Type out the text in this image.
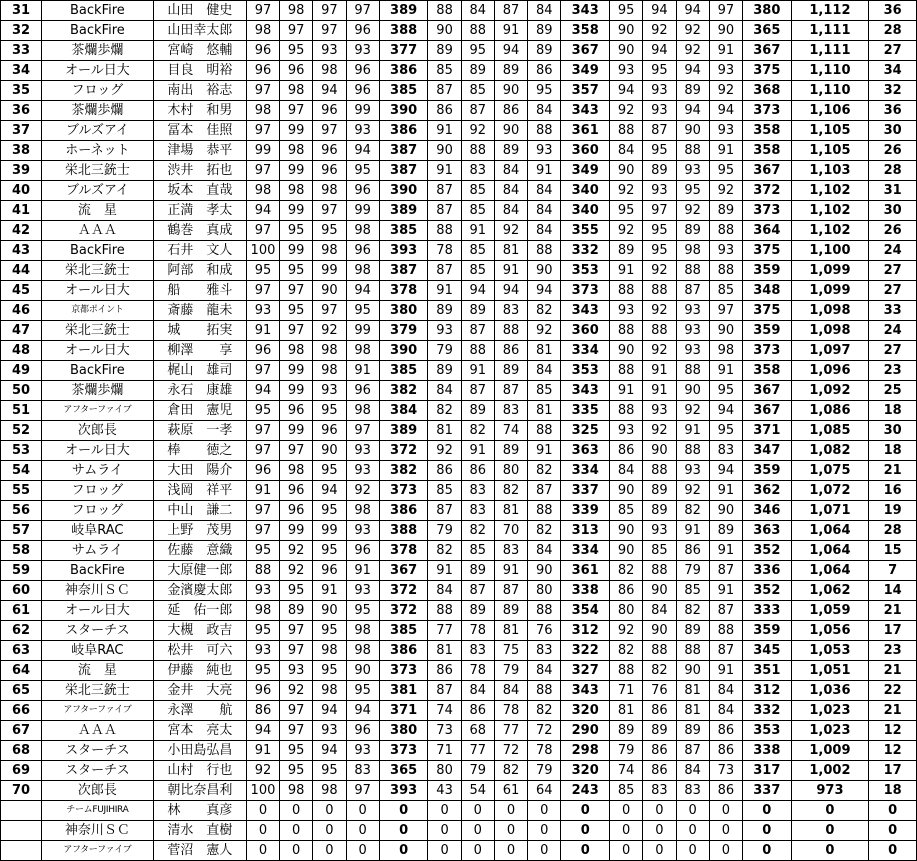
31	BackFire	山田　健史	97	98	97	97	389	88	84	87	84	343	95	94	94	97	380	1,112	36
32	BackFire	山田幸太郎	98	97	97	96	388	90	88	91	89	358	90	92	92	90	365	1,111	28
33	茶爛歩爛	宮崎　悠輔	96	95	93	93	377	89	95	94	89	367	90	94	92	91	367	1,111	27
34	オール日大	目良　明裕	96	96	98	96	386	85	89	89	86	349	93	95	94	93	375	1,110	34
35	フロッグ	南出　裕志	97	98	94	96	385	87	85	90	95	357	94	93	89	92	368	1,110	32
36	茶爛歩爛	木村　和男	98	97	96	99	390	86	87	86	84	343	92	93	94	94	373	1,106	36
37	ブルズアイ	冨本　佳照	97	99	97	93	386	91	92	90	88	361	88	87	90	93	358	1,105	30
38	ホーネット	津場　恭平	99	98	96	94	387	90	88	89	93	360	84	95	88	91	358	1,105	26
39	栄北三銃士	渋井　拓也	97	99	96	95	387	91	83	84	91	349	90	89	93	95	367	1,103	28
40	ブルズアイ	坂本　直哉	98	98	98	96	390	87	85	84	84	340	92	93	95	92	372	1,102	31
41	流　星	正満　孝太	94	99	97	99	389	87	85	84	84	340	95	97	92	89	373	1,102	30
42	ＡＡＡ	鶴巻　真成	97	95	95	98	385	88	91	92	84	355	92	95	89	88	364	1,102	26
43	BackFire	石井　文人	100	99	98	96	393	78	85	81	88	332	89	95	98	93	375	1,100	24
44	栄北三銃士	阿部　和成	95	95	99	98	387	87	85	91	90	353	91	92	88	88	359	1,099	27
45	オール日大	船　　雅斗	97	97	90	94	378	91	94	94	94	373	88	88	87	85	348	1,099	27
46	京都ポイント	斎藤　龍未	93	95	97	95	380	89	89	83	82	343	93	92	93	97	375	1,098	33
47	栄北三銃士	城　　拓実	91	97	92	99	379	93	87	88	92	360	88	88	93	90	359	1,098	24
48	オール日大	柳澤　　享	96	98	98	98	390	79	88	86	81	334	90	92	93	98	373	1,097	27
49	BackFire	梶山　雄司	97	99	98	91	385	89	91	89	84	353	88	91	88	91	358	1,096	23
50	茶爛歩爛	永石　康雄	94	99	93	96	382	84	87	87	85	343	91	91	90	95	367	1,092	25
51	アフターファイブ	倉田　憲児	95	96	95	98	384	82	89	83	81	335	88	93	92	94	367	1,086	18
52	次郎長	萩原　一孝	97	99	96	97	389	81	82	74	88	325	93	92	91	95	371	1,085	30
53	オール日大	棒　　徳之	97	97	90	93	372	92	91	89	91	363	86	90	88	83	347	1,082	18
54	サムライ	大田　陽介	96	98	95	93	382	86	86	80	82	334	84	88	93	94	359	1,075	21
55	フロッグ	浅岡　祥平	91	96	94	92	373	85	83	82	87	337	90	89	92	91	362	1,072	16
56	フロッグ	中山　謙二	97	96	95	98	386	87	83	81	88	339	85	89	82	90	346	1,071	19
57	岐阜RAC	上野　茂男	97	99	99	93	388	79	82	70	82	313	90	93	91	89	363	1,064	28
58	サムライ	佐藤　意織	95	92	95	96	378	82	85	83	84	334	90	85	86	91	352	1,064	15
59	BackFire	大原健一郎	88	92	96	91	367	91	89	91	90	361	82	88	79	87	336	1,064	7
60	神奈川ＳＣ	金濱慶太郎	93	95	91	93	372	84	87	87	80	338	86	90	85	91	352	1,062	14
61	オール日大	延　佑一郎	98	89	90	95	372	88	89	89	88	354	80	84	82	87	333	1,059	21
62	スターチス	大槻　政吉	95	97	95	98	385	77	78	81	76	312	92	90	89	88	359	1,056	17
63	岐阜RAC	松井　可六	93	97	98	98	386	81	83	75	83	322	82	88	88	87	345	1,053	23
64	流　星	伊藤　純也	95	93	95	90	373	86	78	79	84	327	88	82	90	91	351	1,051	21
65	栄北三銃士	金井　大亮	96	92	98	95	381	87	84	84	88	343	71	76	81	84	312	1,036	22
66	アフターファイブ	永澤　　航	86	97	94	94	371	74	86	78	82	320	81	86	81	84	332	1,023	21
67	ＡＡＡ	宮本　亮太	94	97	93	96	380	73	68	77	72	290	89	89	89	86	353	1,023	12
68	スターチス	小田島弘昌	91	95	94	93	373	71	77	72	78	298	79	86	87	86	338	1,009	12
69	スターチス	山村　行也	92	95	95	83	365	80	79	82	79	320	74	86	84	73	317	1,002	17
70	次郎長	朝比奈昌利	100	98	98	97	393	43	54	61	64	243	85	83	83	86	337	973	18
	チームFUJIHIRA	林　　真彦	0	0	0	0	0	0	0	0	0	0	0	0	0	0	0	0	0
	神奈川ＳＣ	清水　直樹	0	0	0	0	0	0	0	0	0	0	0	0	0	0	0	0	0
	アフターファイブ	菅沼　憲人	0	0	0	0	0	0	0	0	0	0	0	0	0	0	0	0	0
